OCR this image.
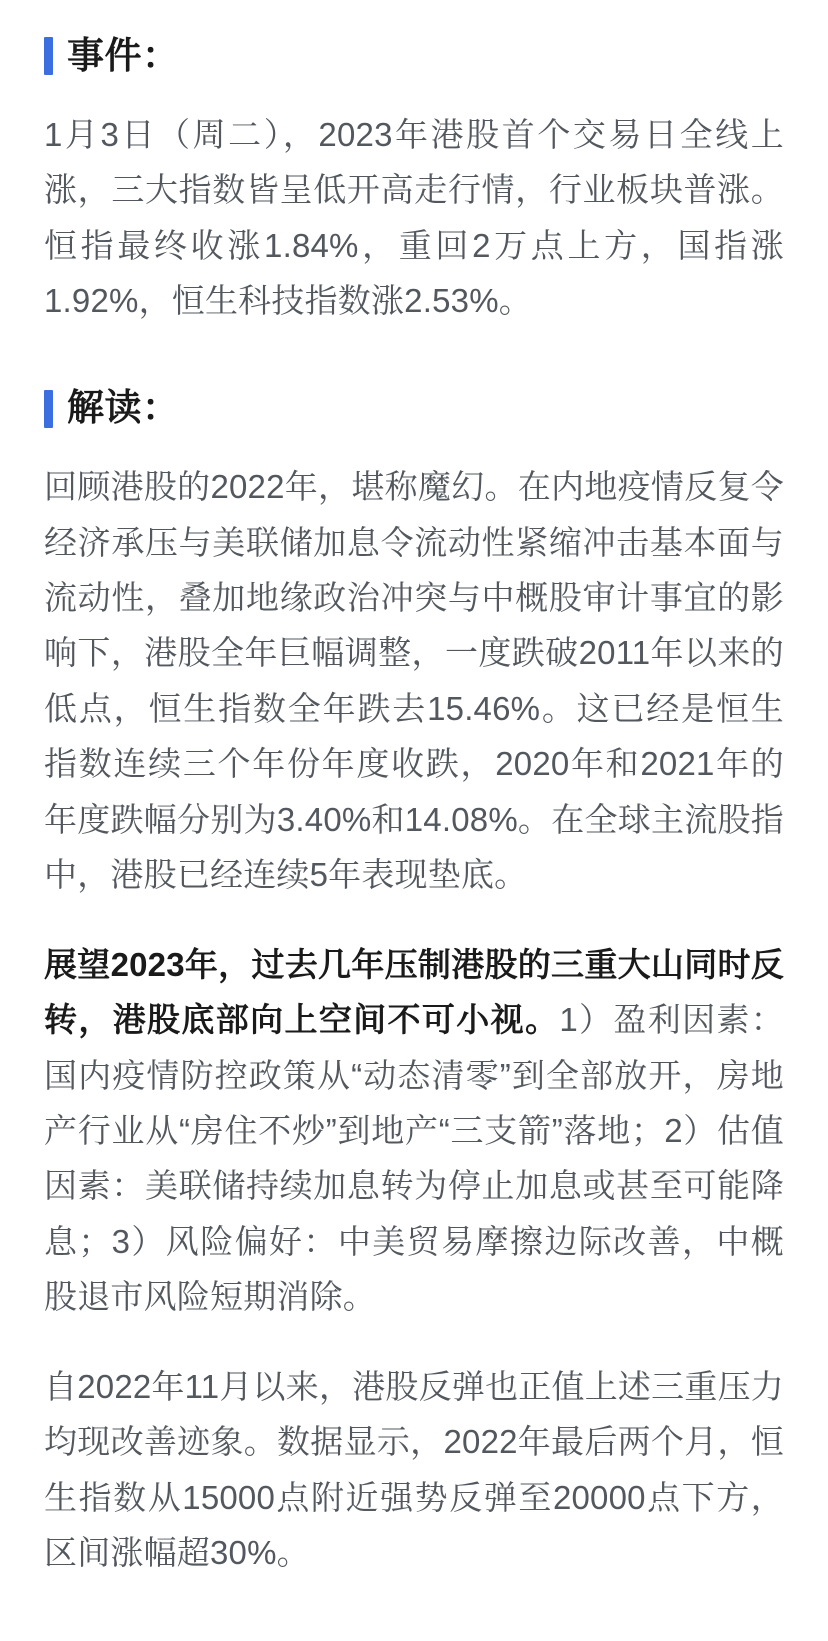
事件：

1月3日（周二），2023年港股首个交易日全线上涨，三大指数皆呈低开高走行情，行业板块普涨。恒指最终收涨1.84%，重回2万点上方，国指涨1.92%，恒生科技指数涨2.53%。

解读：

回顾港股的2022年，堪称魔幻。在内地疫情反复令经济承压与美联储加息令流动性紧缩冲击基本面与流动性，叠加地缘政治冲突与中概股审计事宜的影响下，港股全年巨幅调整，一度跌破2011年以来的低点，恒生指数全年跌去15.46%。这已经是恒生指数连续三个年份年度收跌，2020年和2021年的年度跌幅分别为3.40%和14.08%。在全球主流股指中，港股已经连续5年表现垫底。

展望2023年，过去几年压制港股的三重大山同时反转，港股底部向上空间不可小视。1）盈利因素：国内疫情防控政策从“动态清零”到全部放开，房地产行业从“房住不炒”到地产“三支箭”落地；2）估值因素：美联储持续加息转为停止加息或甚至可能降息；3）风险偏好：中美贸易摩擦边际改善，中概股退市风险短期消除。

自2022年11月以来，港股反弹也正值上述三重压力均现改善迹象。数据显示，2022年最后两个月，恒生指数从15000点附近强势反弹至20000点下方，区间涨幅超30%。
